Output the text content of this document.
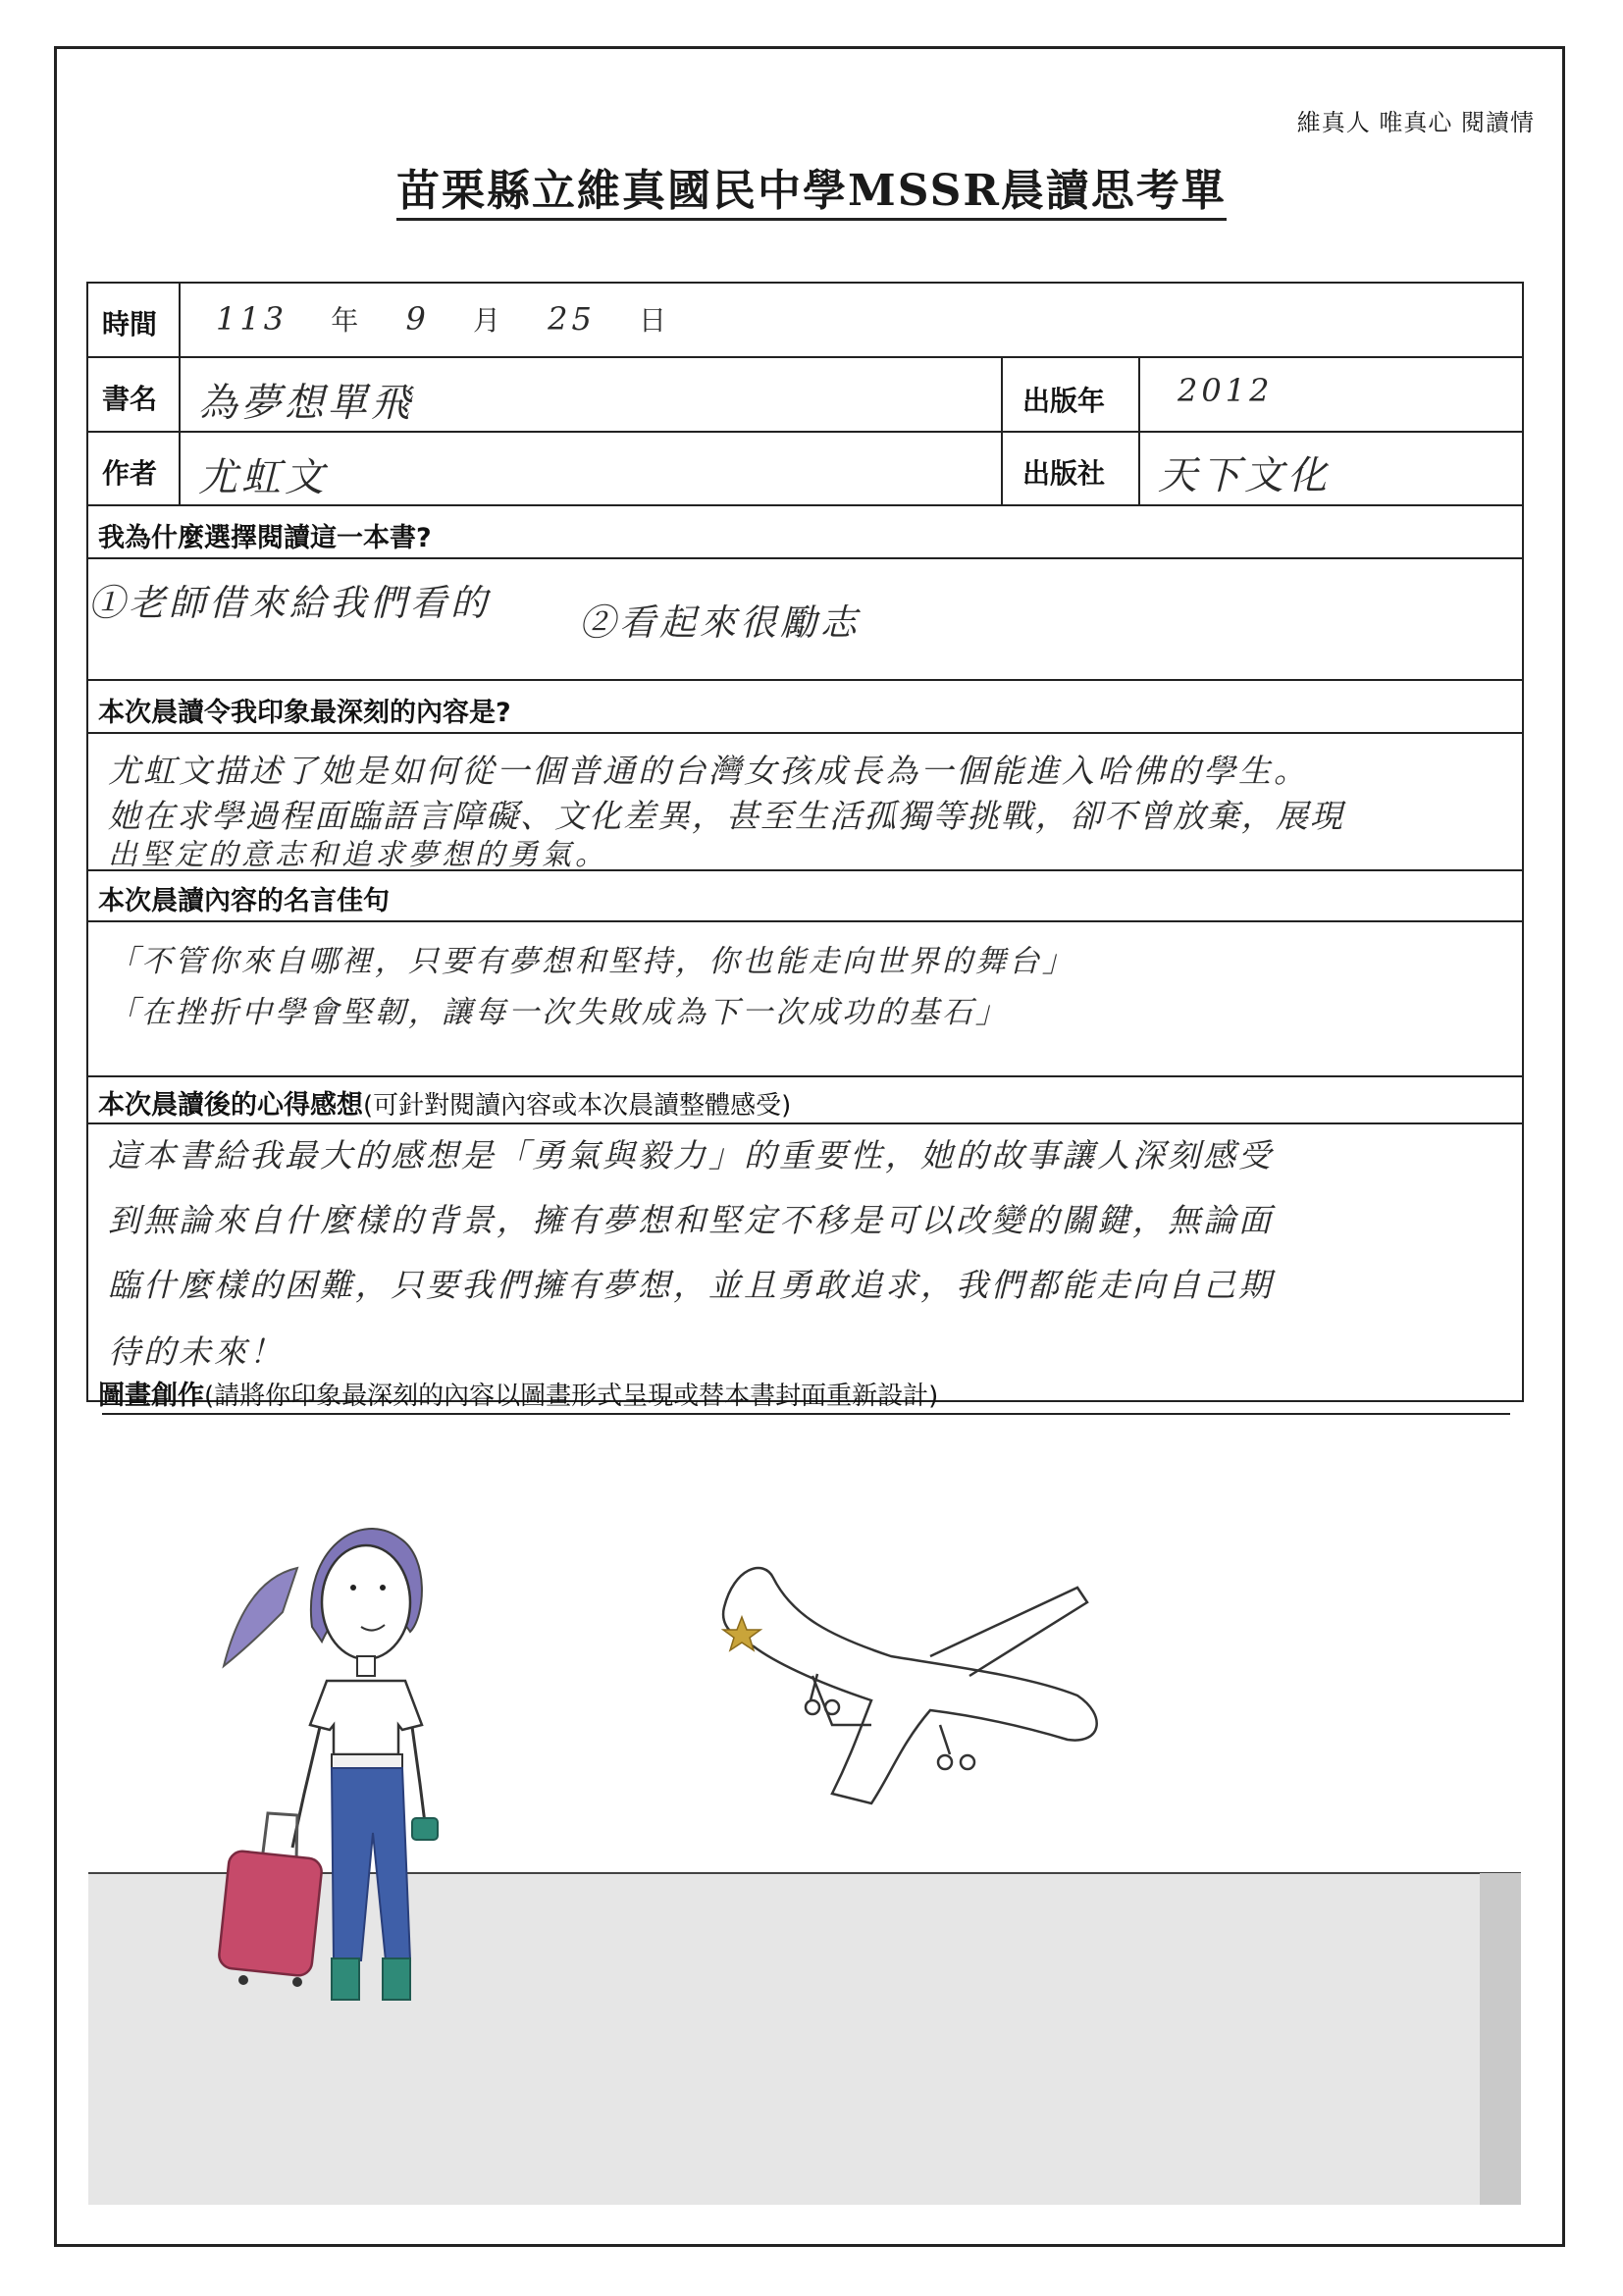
維真人 唯真心 閱讀情
苗栗縣立維真國民中學MSSR晨讀思考單
時間 113 年 9 月 25 日
書名 為夢想單飛	出版年 2012
作者 尤虹文	出版社 天下文化
我為什麼選擇閱讀這一本書?
①老師借來給我們看的 ②看起來很勵志
本次晨讀令我印象最深刻的內容是?
尤虹文描述了她是如何從一個普通的台灣女孩成長為一個能進入哈佛的學生。
她在求學過程面臨語言障礙、文化差異，甚至生活孤獨等挑戰，卻不曾放棄，展現
出堅定的意志和追求夢想的勇氣。
本次晨讀內容的名言佳句
「不管你來自哪裡，只要有夢想和堅持，你也能走向世界的舞台」
「在挫折中學會堅韌，讓每一次失敗成為下一次成功的基石」
本次晨讀後的心得感想(可針對閱讀內容或本次晨讀整體感受)
這本書給我最大的感想是「勇氣與毅力」的重要性，她的故事讓人深刻感受
到無論來自什麼樣的背景，擁有夢想和堅定不移是可以改變的關鍵，無論面
臨什麼樣的困難，只要我們擁有夢想，並且勇敢追求，我們都能走向自己期
待的未來！
圖畫創作(請將你印象最深刻的內容以圖畫形式呈現或替本書封面重新設計)
